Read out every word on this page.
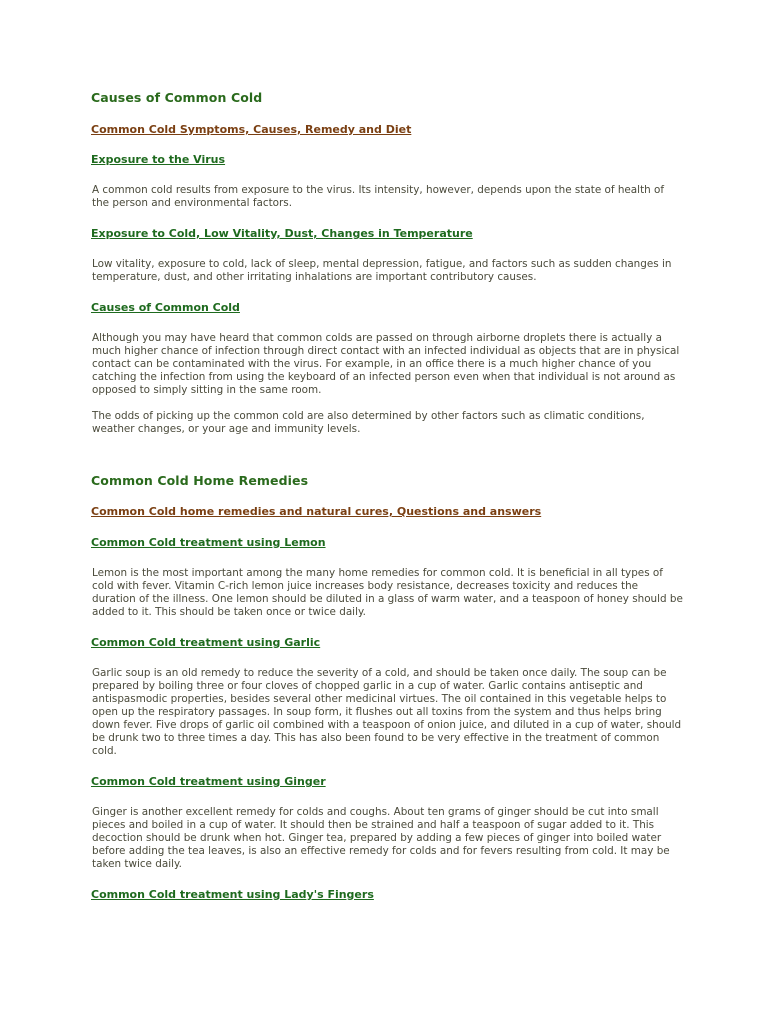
Causes of Common Cold
Common Cold Symptoms, Causes, Remedy and Diet
Exposure to the Virus

A common cold results from exposure to the virus. Its intensity, however, depends upon the state of health of the person and environmental factors.

Exposure to Cold, Low Vitality, Dust, Changes in Temperature

Low vitality, exposure to cold, lack of sleep, mental depression, fatigue, and factors such as sudden changes in temperature, dust, and other irritating inhalations are important contributory causes.

Causes of Common Cold

Although you may have heard that common colds are passed on through airborne droplets there is actually a much higher chance of infection through direct contact with an infected individual as objects that are in physical contact can be contaminated with the virus. For example, in an office there is a much higher chance of you catching the infection from using the keyboard of an infected person even when that individual is not around as opposed to simply sitting in the same room.

The odds of picking up the common cold are also determined by other factors such as climatic conditions, weather changes, or your age and immunity levels.

Common Cold Home Remedies
Common Cold home remedies and natural cures, Questions and answers
Common Cold treatment using Lemon

Lemon is the most important among the many home remedies for common cold. It is beneficial in all types of cold with fever. Vitamin C-rich lemon juice increases body resistance, decreases toxicity and reduces the duration of the illness. One lemon should be diluted in a glass of warm water, and a teaspoon of honey should be added to it. This should be taken once or twice daily.

Common Cold treatment using Garlic

Garlic soup is an old remedy to reduce the severity of a cold, and should be taken once daily. The soup can be prepared by boiling three or four cloves of chopped garlic in a cup of water. Garlic contains antiseptic and antispasmodic properties, besides several other medicinal virtues. The oil contained in this vegetable helps to open up the respiratory passages. In soup form, it flushes out all toxins from the system and thus helps bring down fever. Five drops of garlic oil combined with a teaspoon of onion juice, and diluted in a cup of water, should be drunk two to three times a day. This has also been found to be very effective in the treatment of common cold.

Common Cold treatment using Ginger

Ginger is another excellent remedy for colds and coughs. About ten grams of ginger should be cut into small pieces and boiled in a cup of water. It should then be strained and half a teaspoon of sugar added to it. This decoction should be drunk when hot. Ginger tea, prepared by adding a few pieces of ginger into boiled water before adding the tea leaves, is also an effective remedy for colds and for fevers resulting from cold. It may be taken twice daily.

Common Cold treatment using Lady's Fingers
